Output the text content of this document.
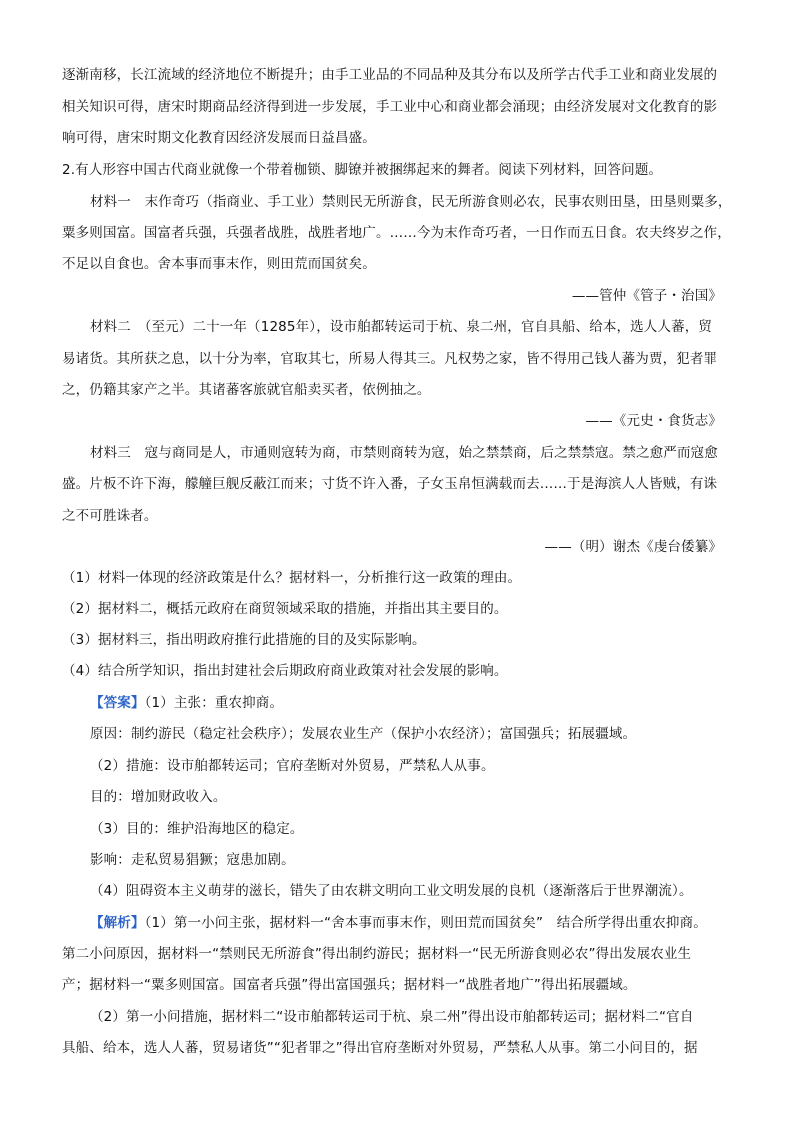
逐渐南移，长江流域的经济地位不断提升；由手工业品的不同品种及其分布以及所学古代手工业和商业发展的
相关知识可得，唐宋时期商品经济得到进一步发展，手工业中心和商业都会涌现；由经济发展对文化教育的影
响可得，唐宋时期文化教育因经济发展而日益昌盛。
2.有人形容中国古代商业就像一个带着枷锁、脚镣并被捆绑起来的舞者。阅读下列材料，回答问题。
材料一　末作奇巧（指商业、手工业）禁则民无所游食，民无所游食则必农，民事农则田垦，田垦则粟多，
粟多则国富。国富者兵强，兵强者战胜，战胜者地广。……今为末作奇巧者，一日作而五日食。农夫终岁之作，
不足以自食也。舍本事而事末作，则田荒而国贫矣。
——管仲《管子・治国》
材料二　（至元）二十一年（1285年），设市舶都转运司于杭、泉二州，官自具船、给本，选人人蕃，贸
易诸货。其所获之息，以十分为率，官取其七，所易人得其三。凡权势之家，皆不得用己钱人蕃为贾，犯者罪
之，仍籍其家产之半。其诸蕃客旅就官船卖买者，依例抽之。
——《元史・食货志》
材料三　寇与商同是人，市通则寇转为商，市禁则商转为寇，始之禁禁商，后之禁禁寇。禁之愈严而寇愈
盛。片板不许下海，艨艟巨舰反蔽江而来；寸货不许入番，子女玉帛恒满载而去……于是海滨人人皆贼，有诛
之不可胜诛者。
——（明）谢杰《虔台倭纂》
（1）材料一体现的经济政策是什么？据材料一，分析推行这一政策的理由。
（2）据材料二，概括元政府在商贸领域采取的措施，并指出其主要目的。
（3）据材料三，指出明政府推行此措施的目的及实际影响。
（4）结合所学知识，指出封建社会后期政府商业政策对社会发展的影响。
【答案】（1）主张：重农抑商。
原因：制约游民（稳定社会秩序）；发展农业生产（保护小农经济）；富国强兵；拓展疆域。
（2）措施：设市舶都转运司；官府垄断对外贸易，严禁私人从事。
目的：增加财政收入。
（3）目的：维护沿海地区的稳定。
影响：走私贸易猖獗；寇患加剧。
（4）阻碍资本主义萌芽的滋长，错失了由农耕文明向工业文明发展的良机（逐渐落后于世界潮流）。
【解析】（1）第一小问主张，据材料一“舍本事而事末作，则田荒而国贫矣”　结合所学得出重农抑商。
第二小问原因，据材料一“禁则民无所游食”得出制约游民；据材料一“民无所游食则必农”得出发展农业生
产；据材料一“粟多则国富。国富者兵强”得出富国强兵；据材料一“战胜者地广”得出拓展疆域。
（2）第一小问措施，据材料二“设市舶都转运司于杭、泉二州”得出设市舶都转运司；据材料二“官自
具船、给本，选人人蕃，贸易诸货”“犯者罪之”得出官府垄断对外贸易，严禁私人从事。第二小问目的，据
